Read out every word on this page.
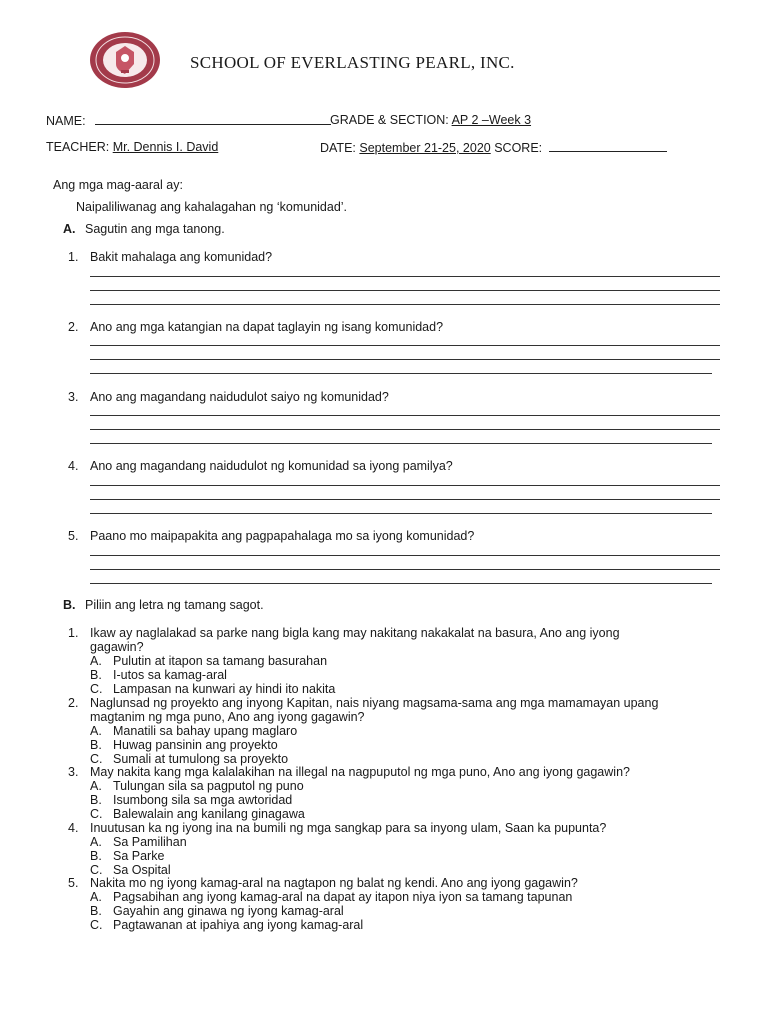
SCHOOL OF EVERLASTING PEARL, INC.
NAME:	GRADE & SECTION: AP 2 –Week 3
TEACHER: Mr. Dennis I. David	DATE: September 21-25, 2020 SCORE:
Ang mga mag-aaral ay:
Naipaliliwanag ang kahalagahan ng ‘komunidad’.
A. Sagutin ang mga tanong.
1. Bakit mahalaga ang komunidad?
2. Ano ang mga katangian na dapat taglayin ng isang komunidad?
3. Ano ang magandang naidudulot saiyo ng komunidad?
4. Ano ang magandang naidudulot ng komunidad sa iyong pamilya?
5. Paano mo maipapakita ang pagpapahalaga mo sa iyong komunidad?
B. Piliin ang letra ng tamang sagot.
1. Ikaw ay naglalakad sa parke nang bigla kang may nakitang nakakalat na basura, Ano ang iyong
gagawin?
A. Pulutin at itapon sa tamang basurahan
B. I-utos sa kamag-aral
C. Lampasan na kunwari ay hindi ito nakita
2. Naglunsad ng proyekto ang inyong Kapitan, nais niyang magsama-sama ang mga mamamayan upang
magtanim ng mga puno, Ano ang iyong gagawin?
A. Manatili sa bahay upang maglaro
B. Huwag pansinin ang proyekto
C. Sumali at tumulong sa proyekto
3. May nakita kang mga kalalakihan na illegal na nagpuputol ng mga puno, Ano ang iyong gagawin?
A. Tulungan sila sa pagputol ng puno
B. Isumbong sila sa mga awtoridad
C. Balewalain ang kanilang ginagawa
4. Inuutusan ka ng iyong ina na bumili ng mga sangkap para sa inyong ulam, Saan ka pupunta?
A. Sa Pamilihan
B. Sa Parke
C. Sa Ospital
5. Nakita mo ng iyong kamag-aral na nagtapon ng balat ng kendi. Ano ang iyong gagawin?
A. Pagsabihan ang iyong kamag-aral na dapat ay itapon niya iyon sa tamang tapunan
B. Gayahin ang ginawa ng iyong kamag-aral
C. Pagtawanan at ipahiya ang iyong kamag-aral
